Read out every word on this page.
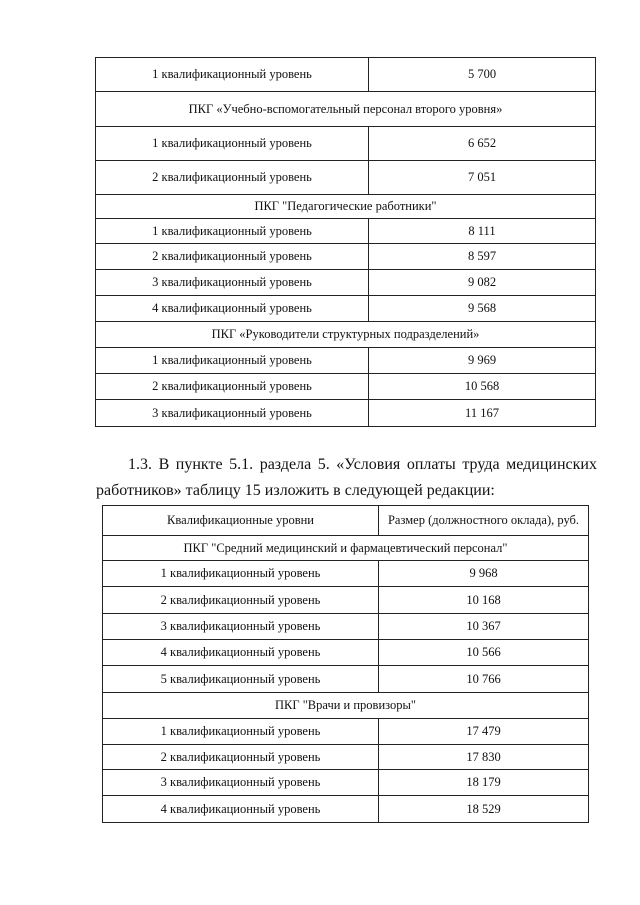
1 квалификационный уровень	5 700
ПКГ «Учебно-вспомогательный персонал второго уровня»	
1 квалификационный уровень	6 652
2 квалификационный уровень	7 051
ПКГ "Педагогические работники"	
1 квалификационный уровень	8 111
2 квалификационный уровень	8 597
3 квалификационный уровень	9 082
4 квалификационный уровень	9 568
ПКГ «Руководители структурных подразделений»	
1 квалификационный уровень	9 969
2 квалификационный уровень	10 568
3 квалификационный уровень	11 167
1.3. В пункте 5.1. раздела 5. «Условия оплаты труда медицинских
работников» таблицу 15 изложить в следующей редакции:
Квалификационные уровни	Размер (должностного оклада), руб.
ПКГ "Средний медицинский и фармацевтический персонал"	
1 квалификационный уровень	9 968
2 квалификационный уровень	10 168
3 квалификационный уровень	10 367
4 квалификационный уровень	10 566
5 квалификационный уровень	10 766
ПКГ "Врачи и провизоры"	
1 квалификационный уровень	17 479
2 квалификационный уровень	17 830
3 квалификационный уровень	18 179
4 квалификационный уровень	18 529
